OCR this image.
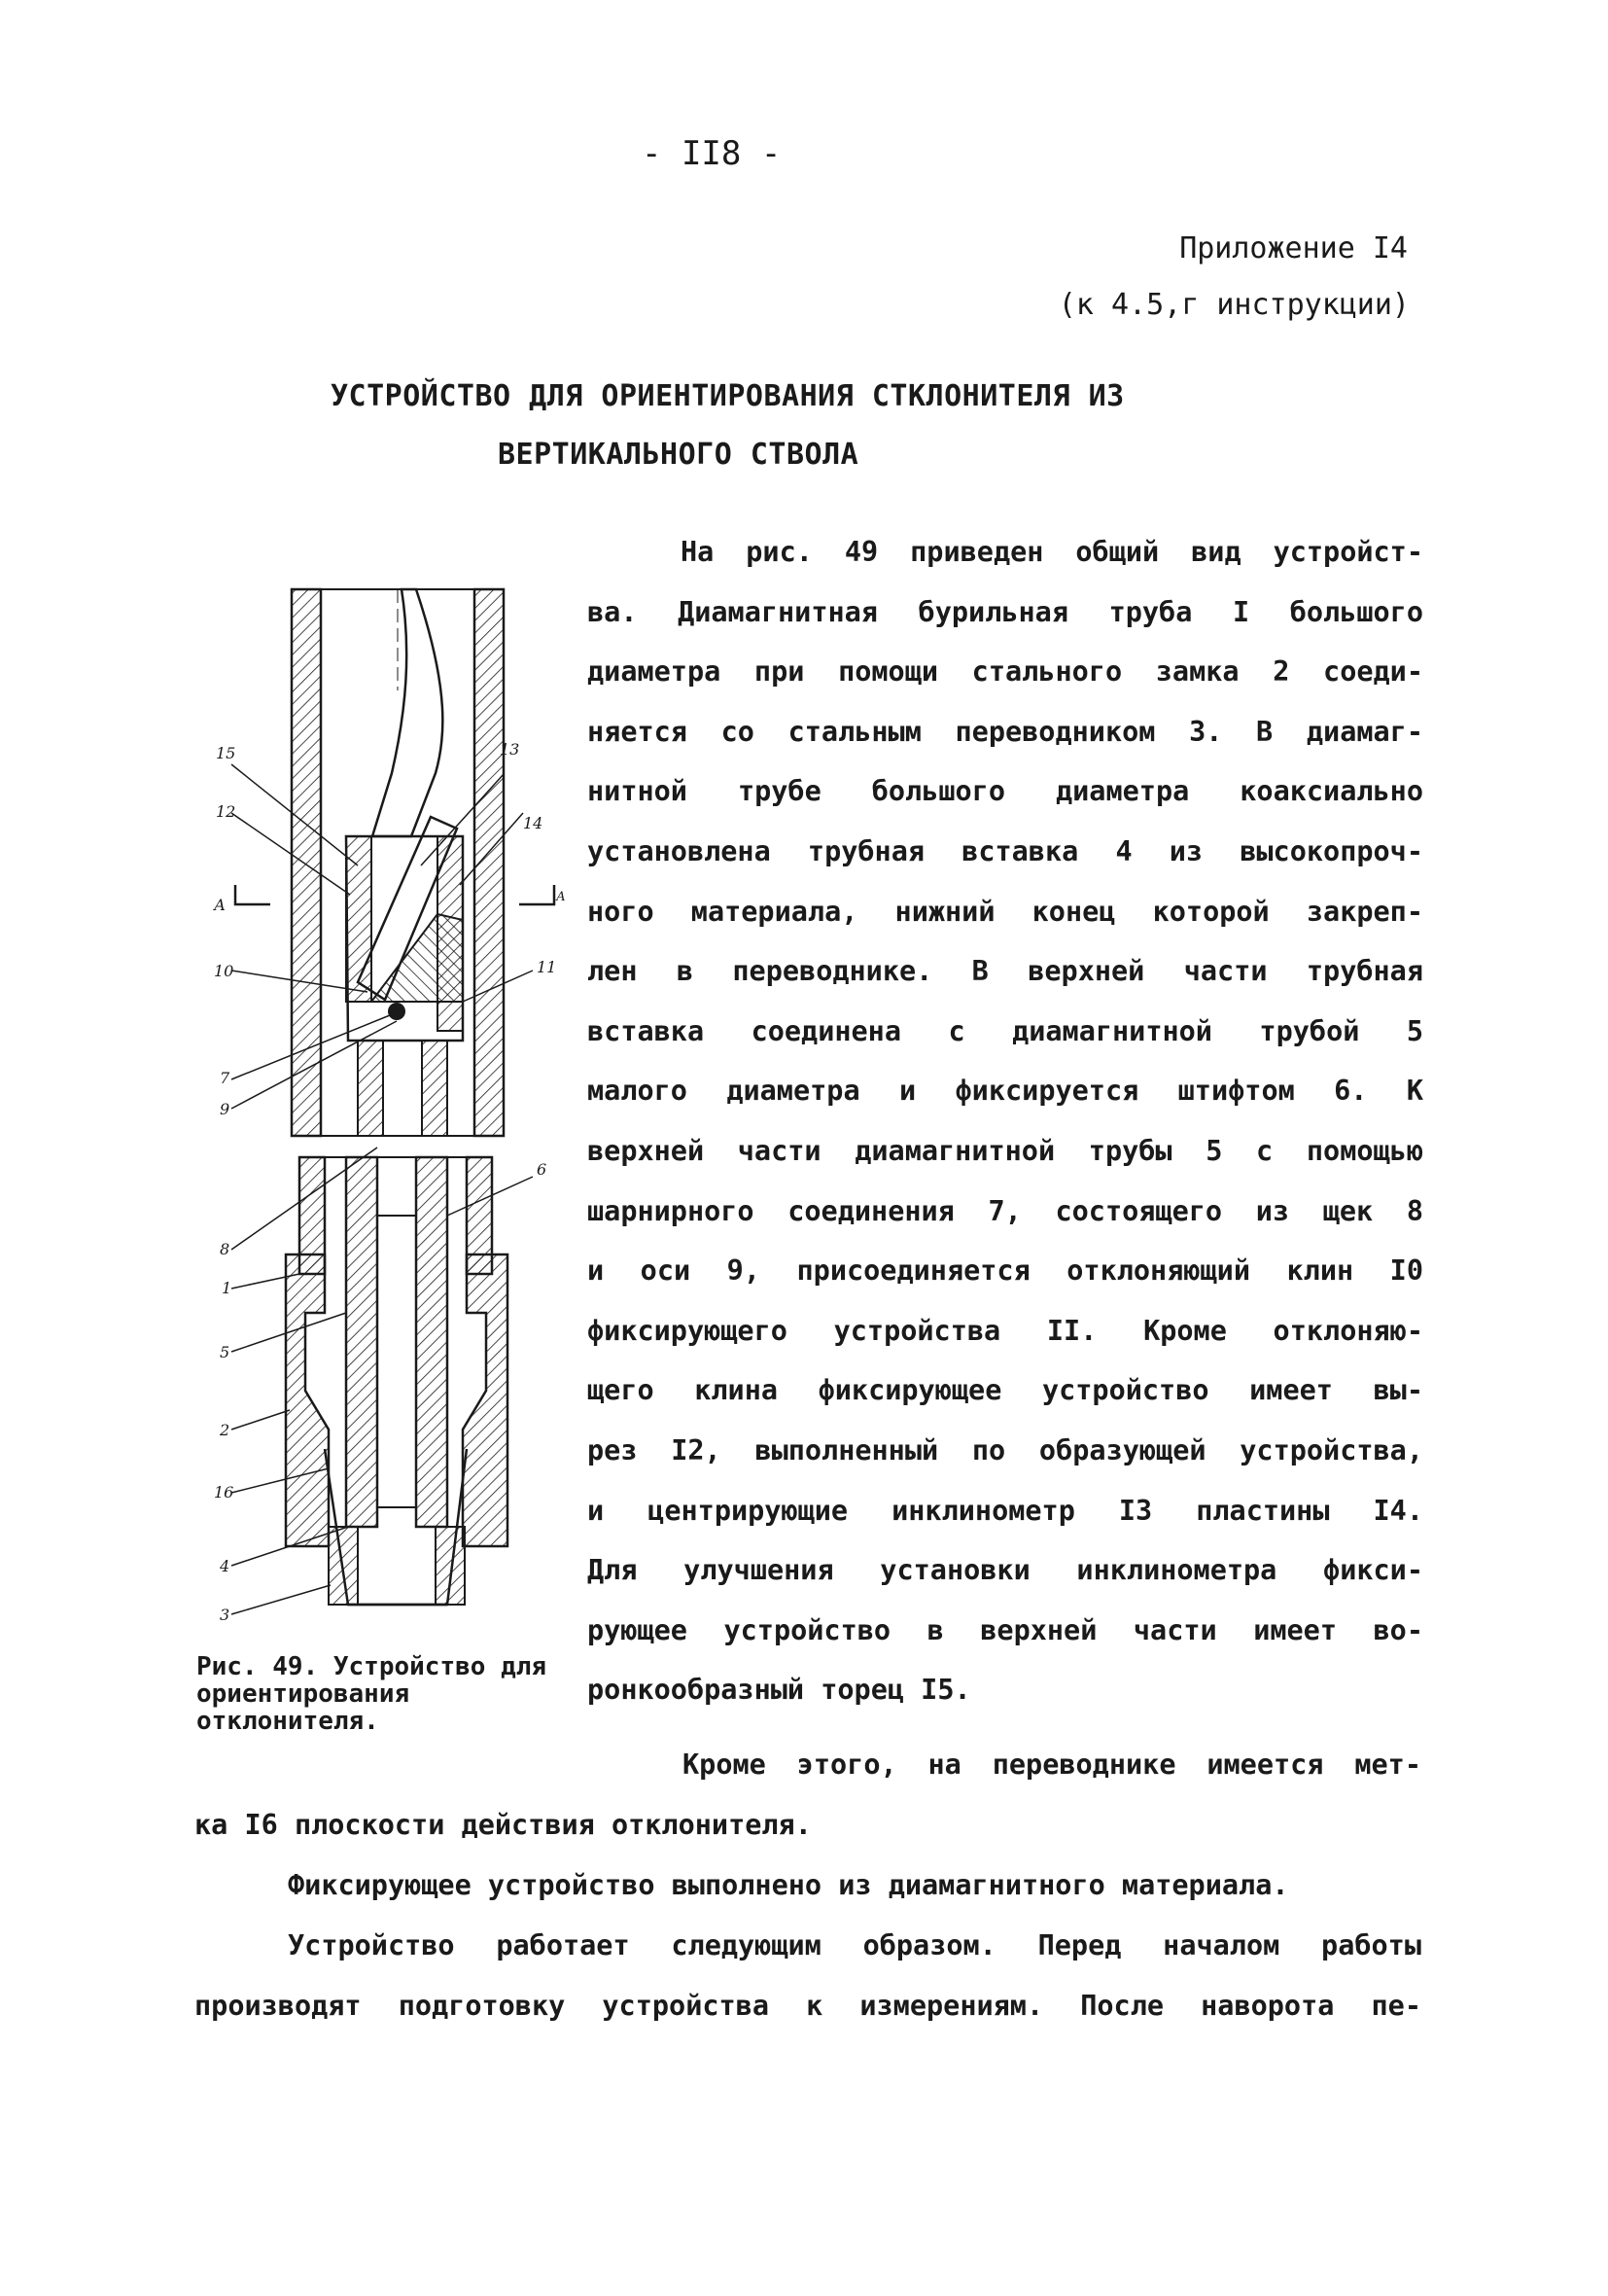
- II8 -
Приложение I4
(к 4.5,г инструкции)
УСТРОЙСТВО ДЛЯ ОРИЕНТИРОВАНИЯ СТКЛОНИТЕЛЯ ИЗ
ВЕРТИКАЛЬНОГО СТВОЛА
На рис. 49 приведен общий вид устройст-
ва. Диамагнитная бурильная труба I большого
диаметра при помощи стального замка 2 соеди-
няется со стальным переводником 3. В диамаг-
нитной трубе большого диаметра коаксиально
установлена трубная вставка 4 из высокопроч-
ного материала, нижний конец которой закреп-
лен в переводнике. В верхней части трубная
вставка соединена с диамагнитной трубой 5
малого диаметра и фиксируется штифтом 6. К
верхней части диамагнитной трубы 5 с помощью
шарнирного соединения 7, состоящего из щек 8
и оси 9, присоединяется отклоняющий клин I0
фиксирующего устройства II. Кроме отклоняю-
щего клина фиксирующее устройство имеет вы-
рез I2, выполненный по образующей устройства,
и центрирующие инклинометр I3 пластины I4.
Для улучшения установки инклинометра фикси-
рующее устройство в верхней части имеет во-
ронкообразный торец I5.
15	13
12
14
А	А
10	11
7
9
8
6
1
5
2
16
4
3
Рис. 49. Устройство для ориентирования отклонителя.
Кроме этого, на переводнике имеется мет-
ка I6 плоскости действия отклонителя.
Фиксирующее устройство выполнено из диамагнитного материала.
Устройство работает следующим образом. Перед началом работы
производят подготовку устройства к измерениям. После наворота пе-
